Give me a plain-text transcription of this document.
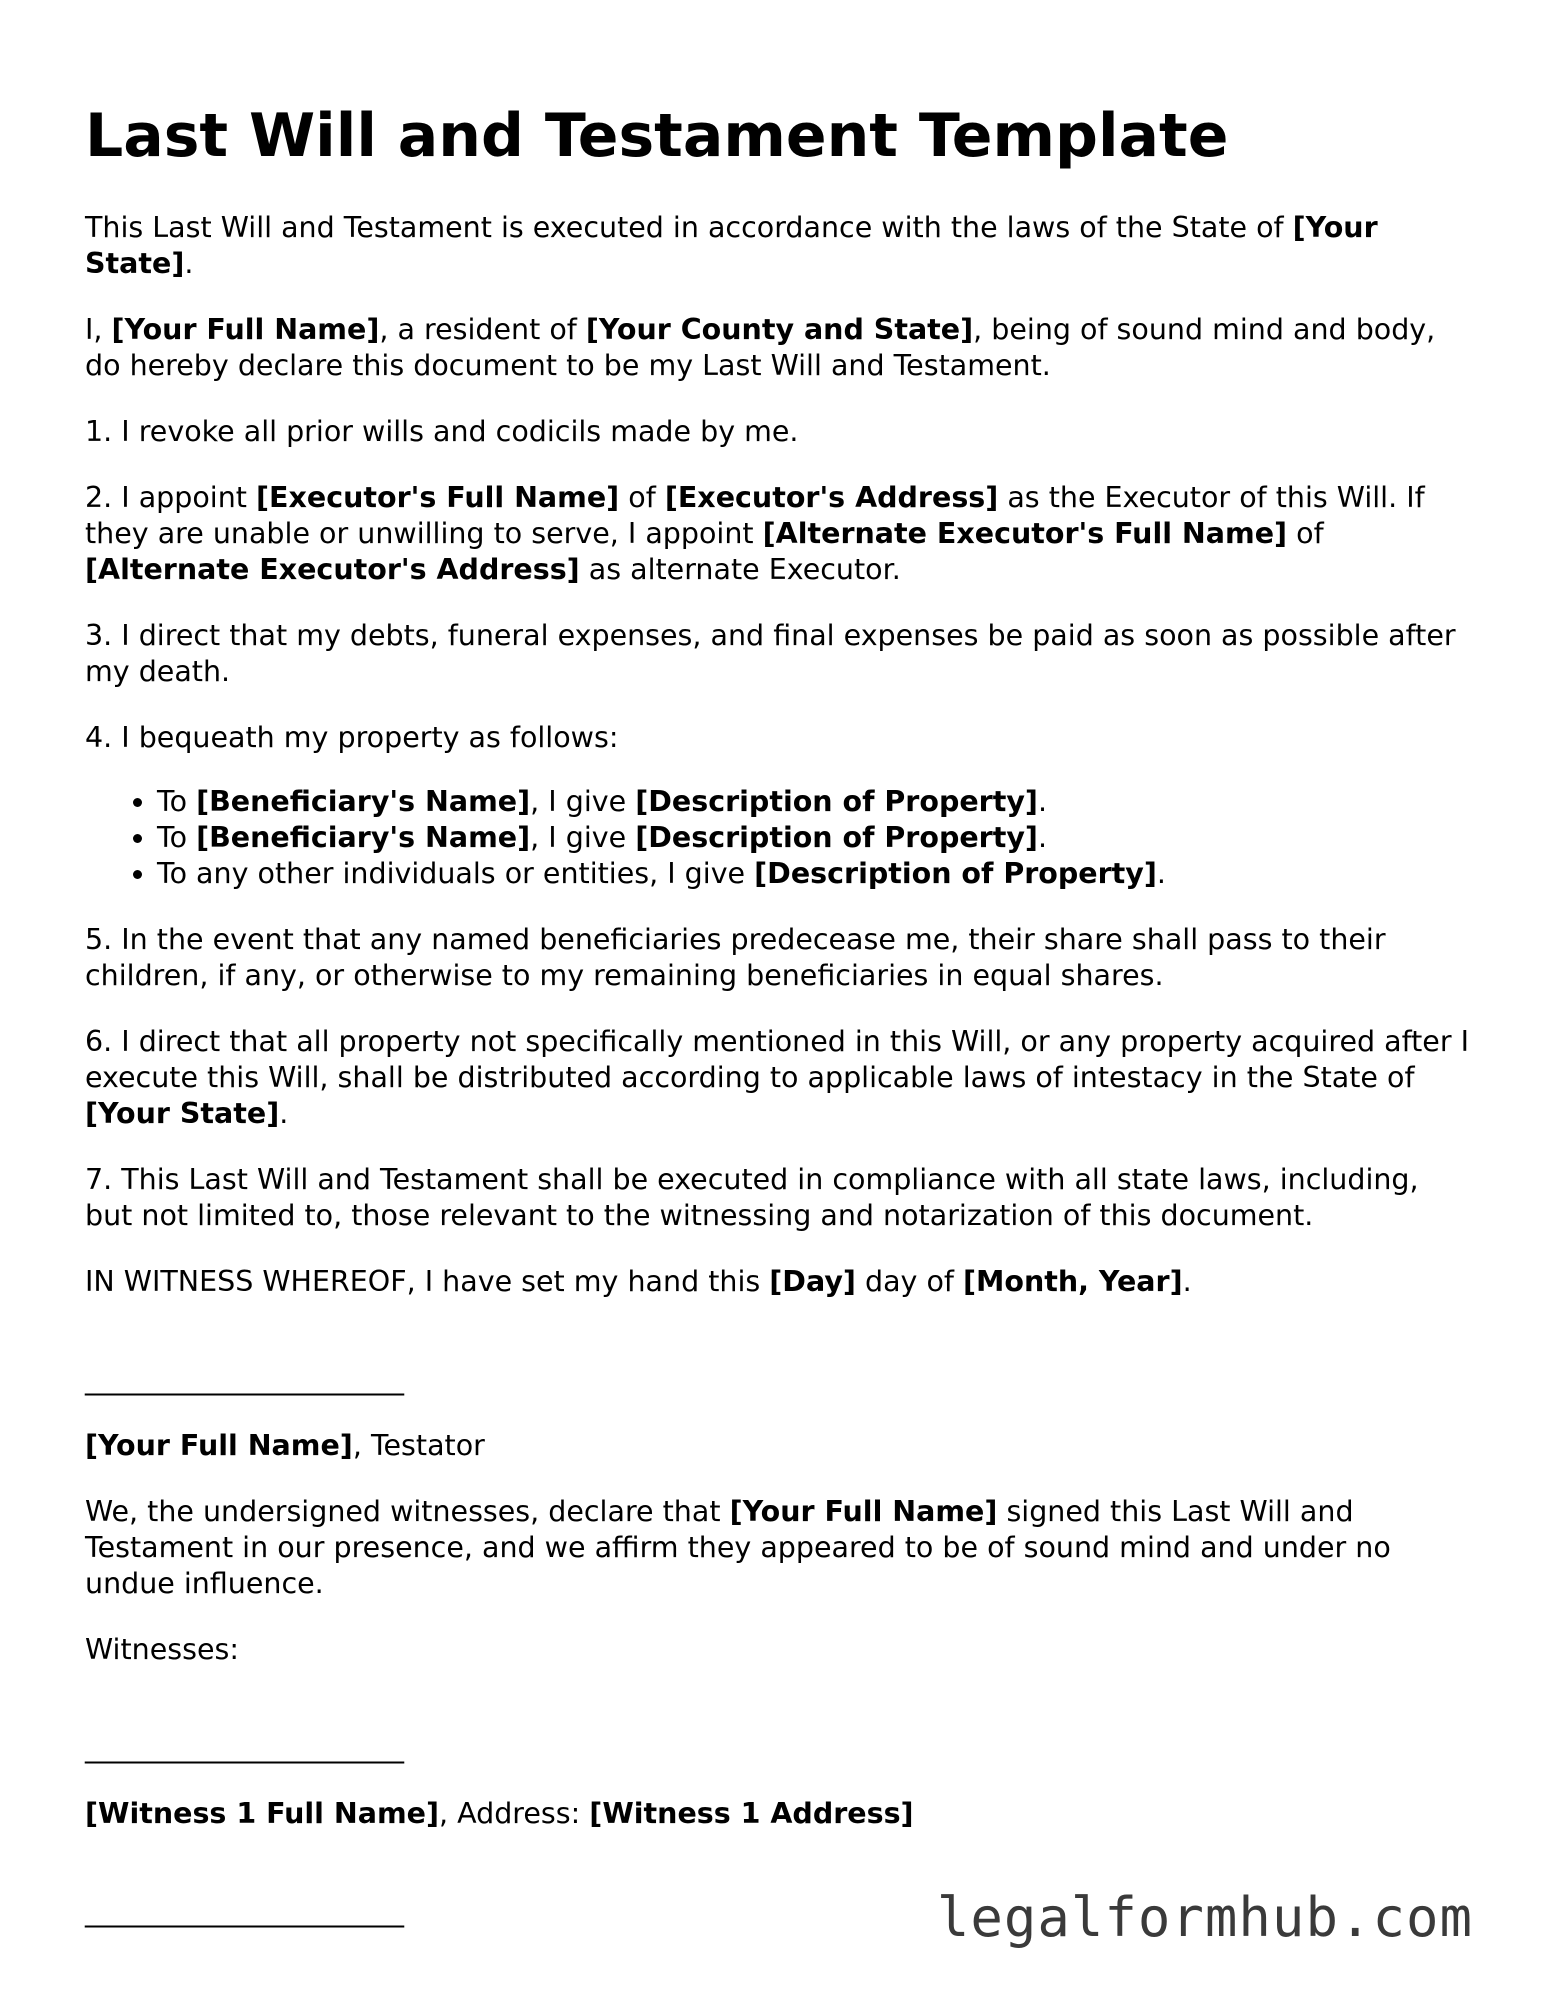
Last Will and Testament Template

This Last Will and Testament is executed in accordance with the laws of the State of [Your State].

I, [Your Full Name], a resident of [Your County and State], being of sound mind and body, do hereby declare this document to be my Last Will and Testament.

1. I revoke all prior wills and codicils made by me.

2. I appoint [Executor's Full Name] of [Executor's Address] as the Executor of this Will. If they are unable or unwilling to serve, I appoint [Alternate Executor's Full Name] of [Alternate Executor's Address] as alternate Executor.

3. I direct that my debts, funeral expenses, and final expenses be paid as soon as possible after my death.

4. I bequeath my property as follows:

• To [Beneficiary's Name], I give [Description of Property].
• To [Beneficiary's Name], I give [Description of Property].
• To any other individuals or entities, I give [Description of Property].

5. In the event that any named beneficiaries predecease me, their share shall pass to their children, if any, or otherwise to my remaining beneficiaries in equal shares.

6. I direct that all property not specifically mentioned in this Will, or any property acquired after I execute this Will, shall be distributed according to applicable laws of intestacy in the State of [Your State].

7. This Last Will and Testament shall be executed in compliance with all state laws, including, but not limited to, those relevant to the witnessing and notarization of this document.

IN WITNESS WHEREOF, I have set my hand this [Day] day of [Month, Year].

________________________

[Your Full Name], Testator

We, the undersigned witnesses, declare that [Your Full Name] signed this Last Will and Testament in our presence, and we affirm they appeared to be of sound mind and under no undue influence.

Witnesses:

________________________

[Witness 1 Full Name], Address: [Witness 1 Address]

________________________	legalformhub.com
